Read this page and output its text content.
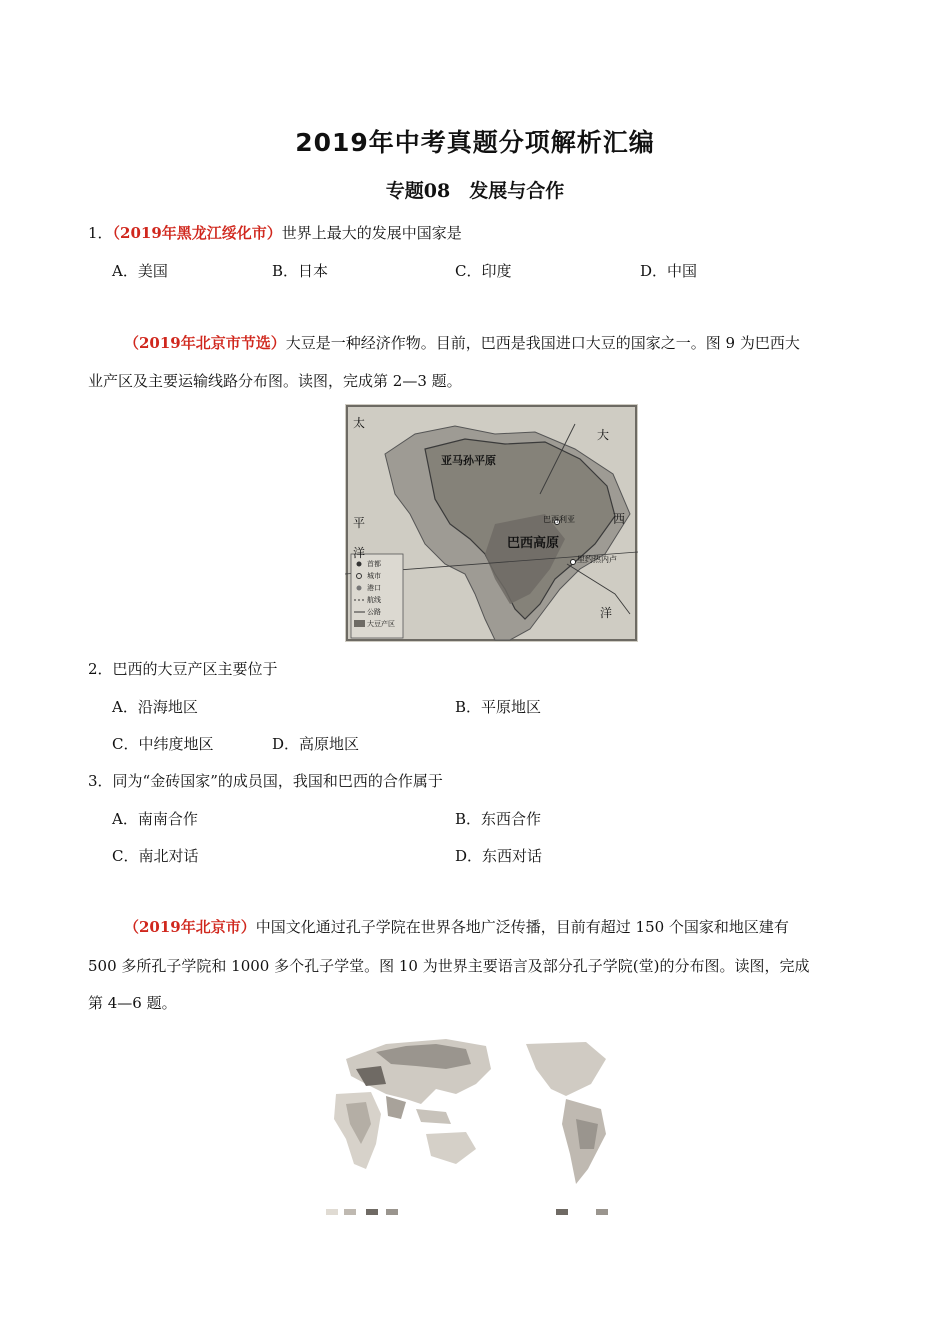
2019年中考真题分项解析汇编
专题08　发展与合作
1．（2019年黑龙江绥化市）世界上最大的发展中国家是
A．美国	B．日本	C．印度	D．中国
（2019年北京市节选）大豆是一种经济作物。目前，巴西是我国进口大豆的国家之一。图 9 为巴西大
业产区及主要运输线路分布图。读图，完成第 2—3 题。
太
平
洋
大
西
洋
亚马孙平原
巴西高原
巴西利亚
里约热内卢
首都
城市
港口
航线
公路
大豆产区
2．巴西的大豆产区主要位于
A．沿海地区	B．平原地区
C．中纬度地区	D．高原地区
3．同为“金砖国家”的成员国，我国和巴西的合作属于
A．南南合作	B．东西合作
C．南北对话	D．东西对话
（2019年北京市）中国文化通过孔子学院在世界各地广泛传播，目前有超过 150 个国家和地区建有
500 多所孔子学院和 1000 多个孔子学堂。图 10 为世界主要语言及部分孔子学院(堂)的分布图。读图，完成
第 4—6 题。
